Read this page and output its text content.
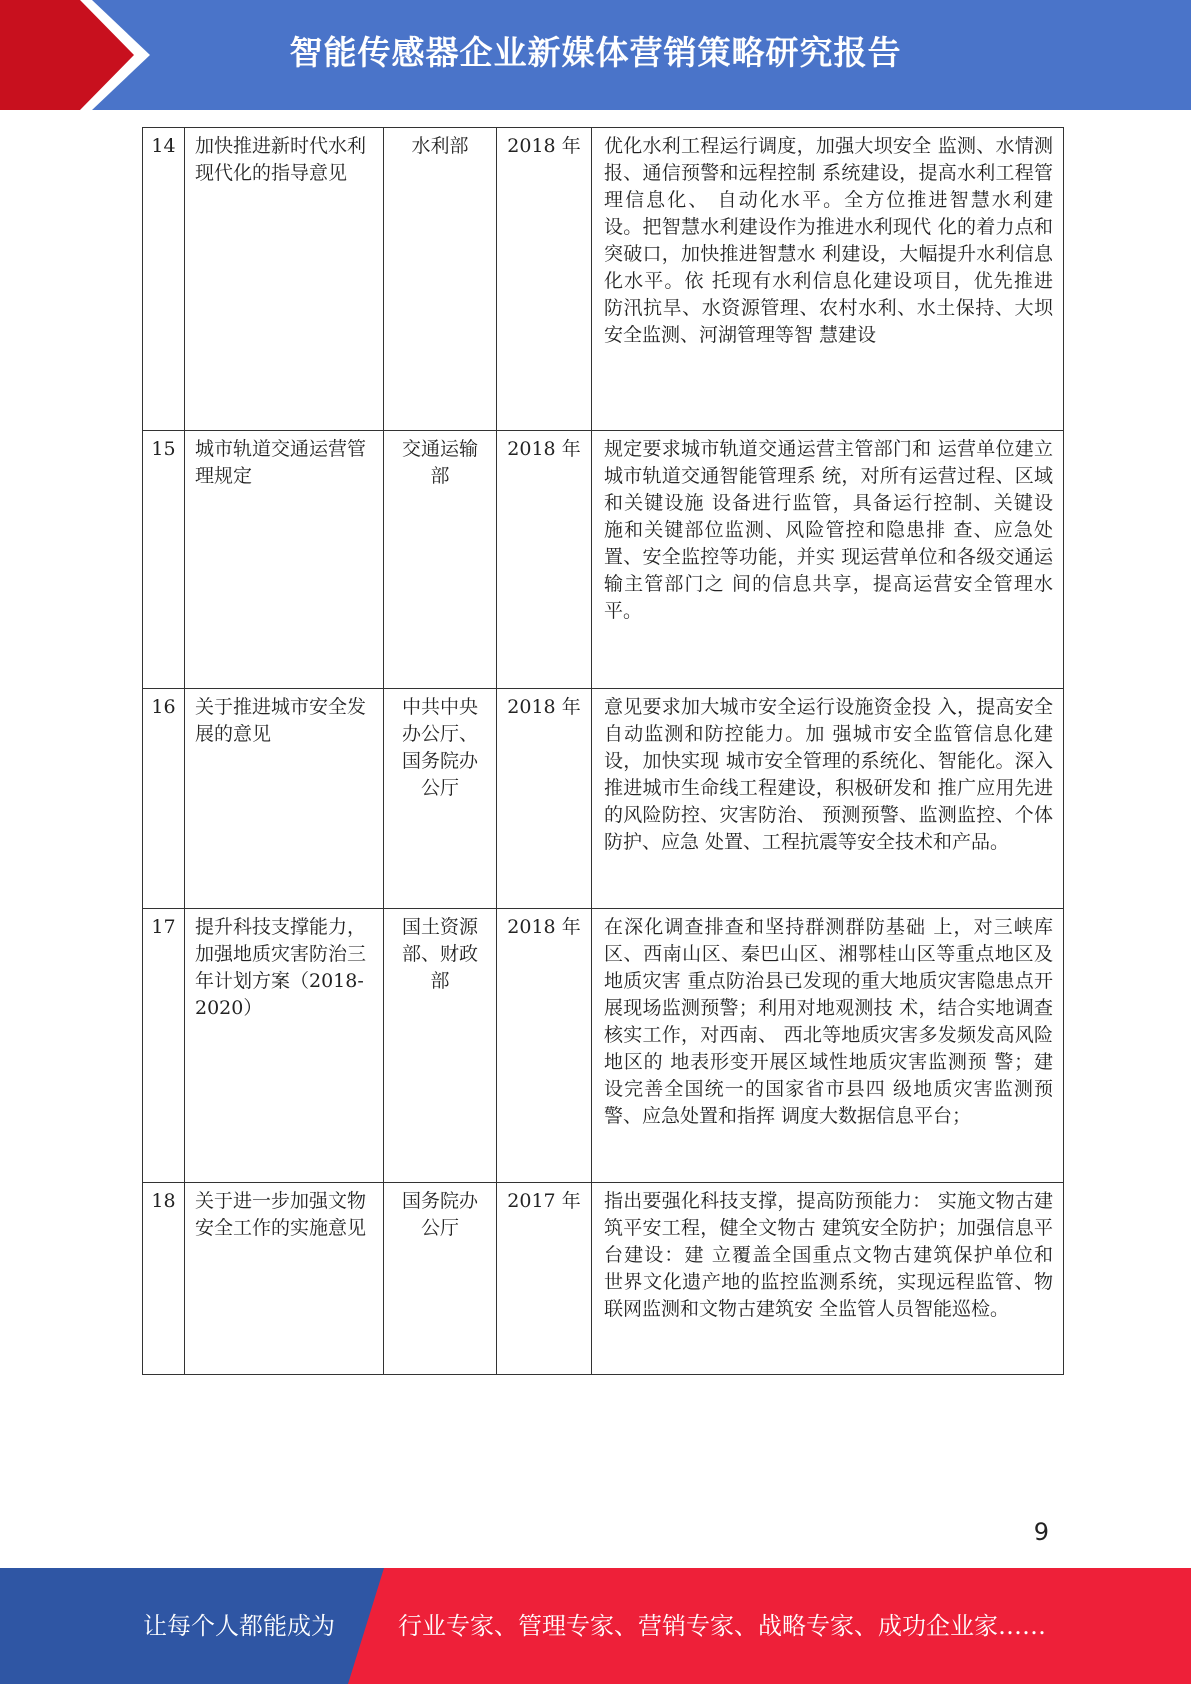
智能传感器企业新媒体营销策略研究报告
14	加快推进新时代水利现代化的指导意见	水利部	2018 年	优化水利工程运行调度，加强大坝安全 监测、水情测报、通信预警和远程控制 系统建设，提高水利工程管理信息化、 自动化水平。全方位推进智慧水利建 设。把智慧水利建设作为推进水利现代 化的着力点和突破口，加快推进智慧水 利建设，大幅提升水利信息化水平。依 托现有水利信息化建设项目，优先推进 防汛抗旱、水资源管理、农村水利、水土保持、大坝安全监测、河湖管理等智 慧建设
15	城市轨道交通运营管理规定	交通运输部	2018 年	规定要求城市轨道交通运营主管部门和 运营单位建立城市轨道交通智能管理系 统，对所有运营过程、区域和关键设施 设备进行监管，具备运行控制、关键设 施和关键部位监测、风险管控和隐患排 查、应急处置、安全监控等功能，并实 现运营单位和各级交通运输主管部门之 间的信息共享，提高运营安全管理水 平。
16	关于推进城市安全发展的意见	中共中央办公厅、国务院办公厅	2018 年	意见要求加大城市安全运行设施资金投 入，提高安全自动监测和防控能力。加 强城市安全监管信息化建设，加快实现 城市安全管理的系统化、智能化。深入 推进城市生命线工程建设，积极研发和 推广应用先进的风险防控、灾害防治、 预测预警、监测监控、个体防护、应急 处置、工程抗震等安全技术和产品。
17	提升科技支撑能力，加强地质灾害防治三年计划方案（2018-2020）	国土资源部、财政部	2018 年	在深化调查排查和坚持群测群防基础 上，对三峡库区、西南山区、秦巴山区、湘鄂桂山区等重点地区及地质灾害 重点防治县已发现的重大地质灾害隐患点开展现场监测预警；利用对地观测技 术，结合实地调查核实工作，对西南、 西北等地质灾害多发频发高风险地区的 地表形变开展区域性地质灾害监测预 警；建设完善全国统一的国家省市县四 级地质灾害监测预警、应急处置和指挥 调度大数据信息平台；
18	关于进一步加强文物安全工作的实施意见	国务院办公厅	2017 年	指出要强化科技支撑，提高防预能力： 实施文物古建筑平安工程，健全文物古 建筑安全防护；加强信息平台建设：建 立覆盖全国重点文物古建筑保护单位和 世界文化遗产地的监控监测系统，实现远程监管、物联网监测和文物古建筑安 全监管人员智能巡检。
9
让每个人都能成为	行业专家、管理专家、营销专家、战略专家、成功企业家……
